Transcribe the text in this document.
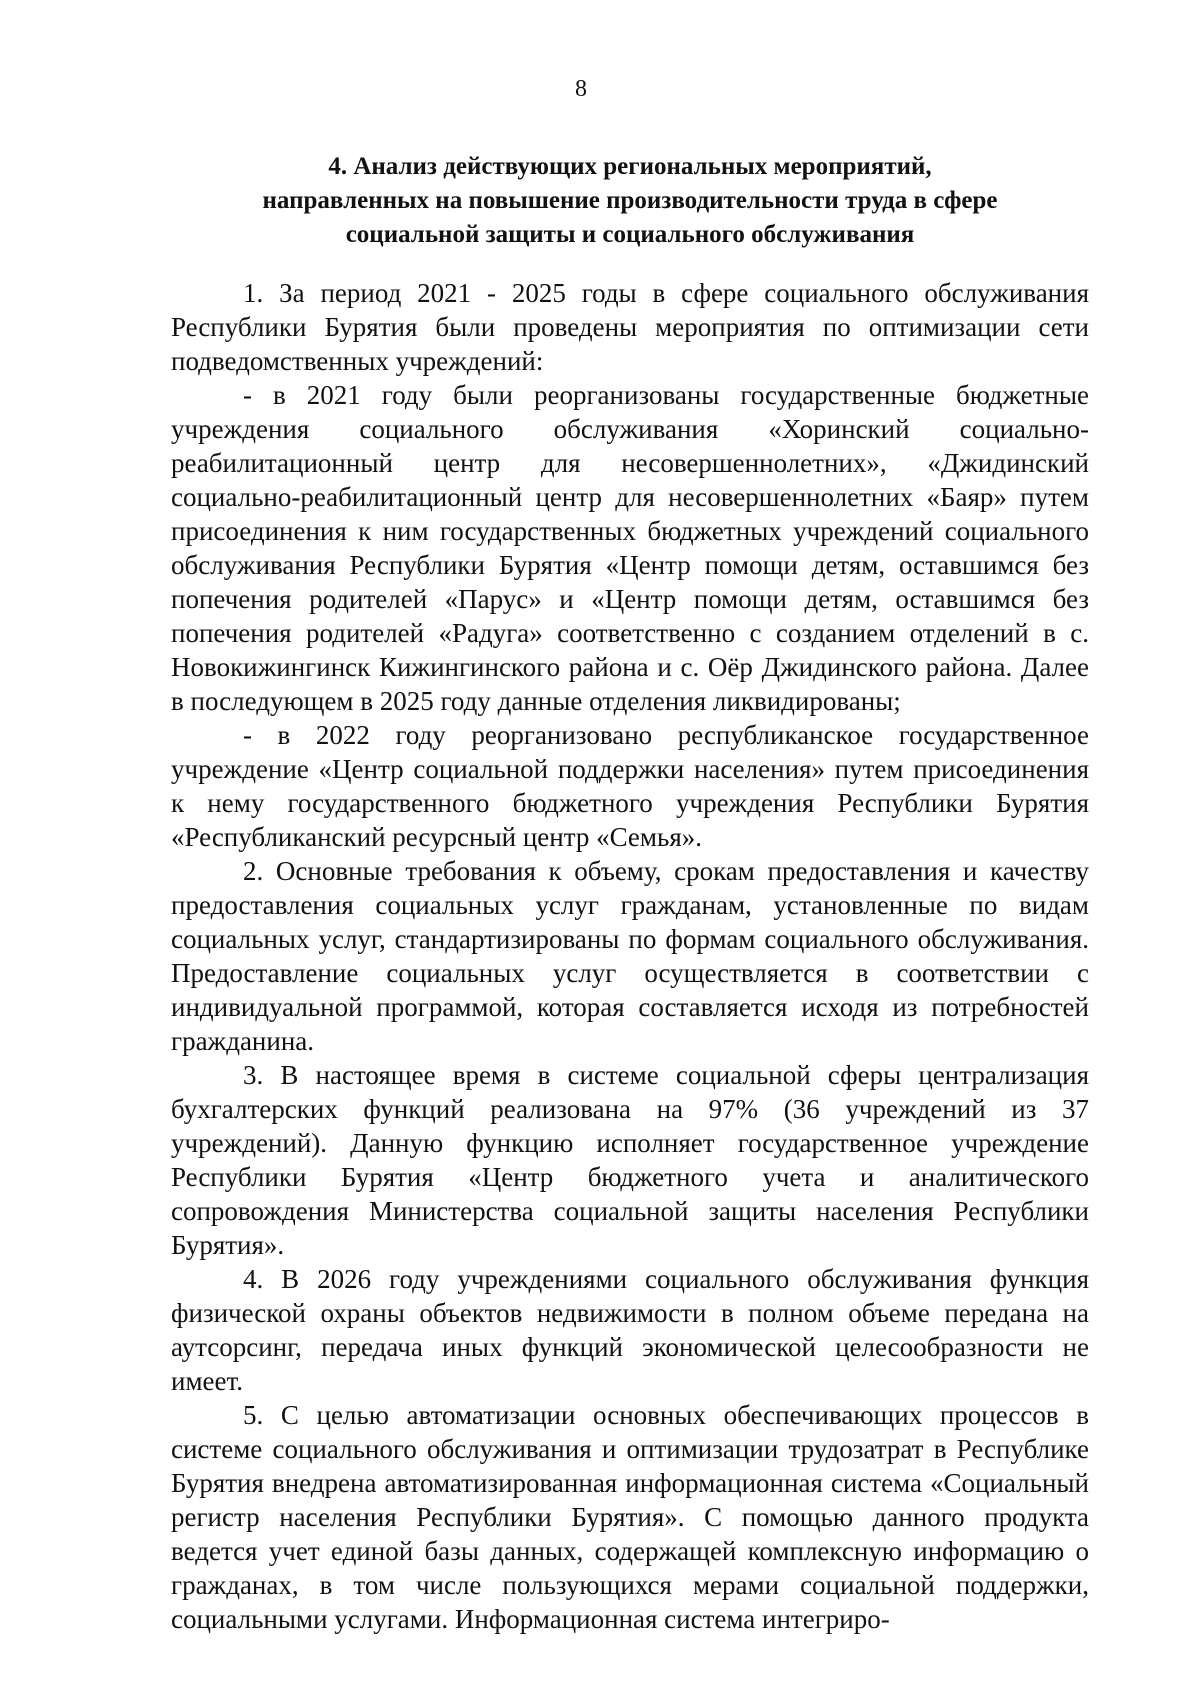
8
4. Анализ действующих региональных мероприятий,
направленных на повышение производительности труда в сфере
социальной защиты и социального обслуживания

1. За период 2021 - 2025 годы в сфере социального обслуживания Республики Бурятия были проведены мероприятия по оптимизации сети подведомственных учреждений:

- в 2021 году были реорганизованы государственные бюджетные учреждения социального обслуживания «Хоринский социально-реабилитационный центр для несовершеннолетних», «Джидинский социально-реабилитационный центр для несовершеннолетних «Баяр» путем присоединения к ним государственных бюджетных учреждений социального обслуживания Республики Бурятия «Центр помощи детям, оставшимся без попечения родителей «Парус» и «Центр помощи детям, оставшимся без попечения родителей «Радуга» соответственно с созданием отделений в с. Новокижингинск Кижингинского района и с. Оёр Джидинского района. Далее в последующем в 2025 году данные отделения ликвидированы;

- в 2022 году реорганизовано республиканское государственное учреждение «Центр социальной поддержки населения» путем присоединения к нему государственного бюджетного учреждения Республики Бурятия «Республиканский ресурсный центр «Семья».

2. Основные требования к объему, срокам предоставления и качеству предоставления социальных услуг гражданам, установленные по видам социальных услуг, стандартизированы по формам социального обслуживания. Предоставление социальных услуг осуществляется в соответствии с индивидуальной программой, которая составляется исходя из потребностей гражданина.

3. В настоящее время в системе социальной сферы централизация бухгалтерских функций реализована на 97% (36 учреждений из 37 учреждений). Данную функцию исполняет государственное учреждение Республики Бурятия «Центр бюджетного учета и аналитического сопровождения Министерства социальной защиты населения Республики Бурятия».

4. В 2026 году учреждениями социального обслуживания функция физической охраны объектов недвижимости в полном объеме передана на аутсорсинг, передача иных функций экономической целесообразности не имеет.

5. С целью автоматизации основных обеспечивающих процессов в системе социального обслуживания и оптимизации трудозатрат в Республике Бурятия внедрена автоматизированная информационная система «Социальный регистр населения Республики Бурятия». С помощью данного продукта ведется учет единой базы данных, содержащей комплексную информацию о гражданах, в том числе пользующихся мерами социальной поддержки, социальными услугами. Информационная система интегриро-
